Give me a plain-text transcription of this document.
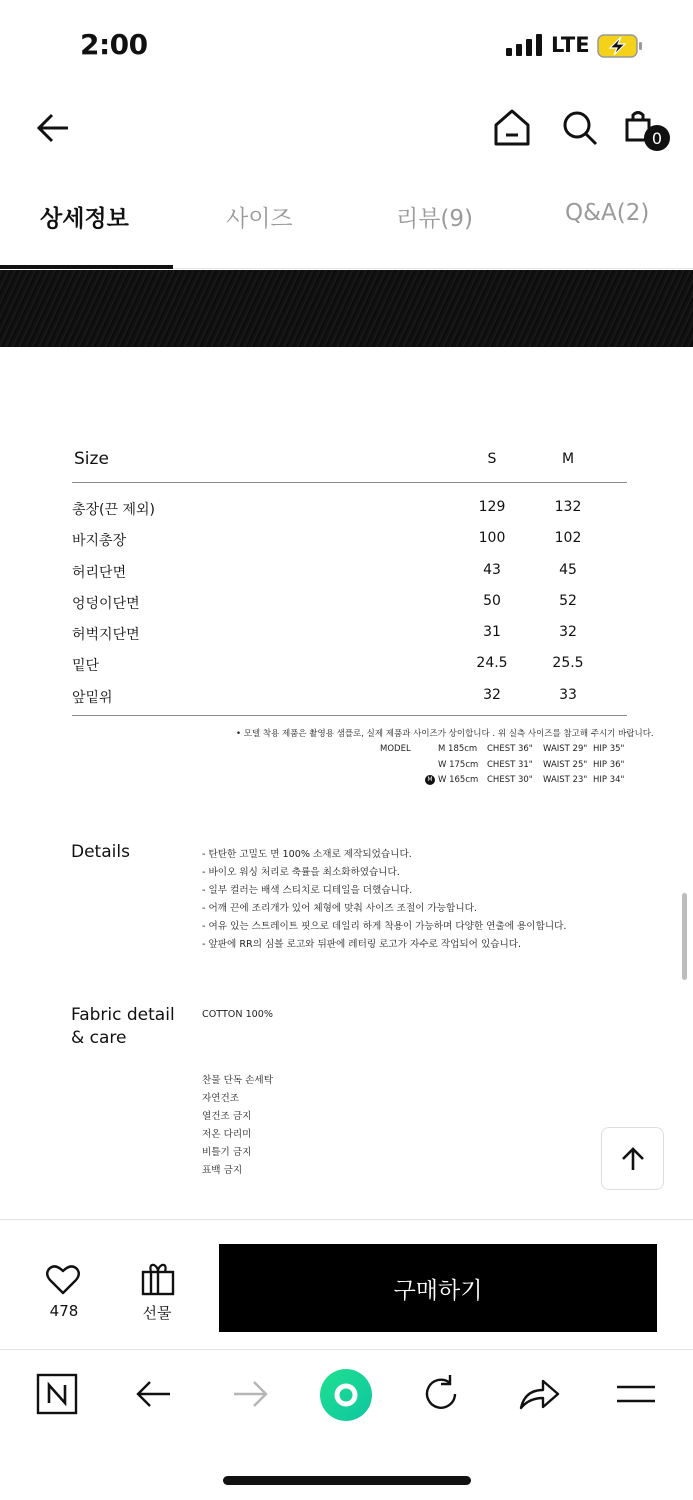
2:00	LTE
0
상세정보	사이즈	리뷰(9)	Q&A(2)
Size	S	M
총장(끈 제외)	129	132
바지총장	100	102
허리단면	43	45
엉덩이단면	50	52
허벅지단면	31	32
밑단	24.5	25.5
앞밑위	32	33
• 모델 착용 제품은 촬영용 샘플로, 실제 제품과 사이즈가 상이합니다 . 위 실측 사이즈를 참고해 주시기 바랍니다.
MODEL	M 185cm CHEST 36" WAIST 29" HIP 35"
W 175cm CHEST 31" WAIST 25" HIP 36"
M W 165cm CHEST 30" WAIST 23" HIP 34"
Details	- 탄탄한 고밀도 면 100% 소재로 제작되었습니다.
- 바이오 워싱 처리로 축률을 최소화하였습니다.
- 일부 컬러는 배색 스티치로 디테일을 더했습니다.
- 어깨 끈에 조리개가 있어 체형에 맞춰 사이즈 조절이 가능합니다.
- 여유 있는 스트레이트 핏으로 데일리 하게 착용이 가능하며 다양한 연출에 용이합니다.
- 앞판에 RR의 심볼 로고와 뒤판에 레터링 로고가 자수로 작업되어 있습니다.
Fabric detail
& care
COTTON 100%
찬물 단독 손세탁
자연건조
열건조 금지
저온 다리미
비틀기 금지
표백 금지
478	선물
구매하기
